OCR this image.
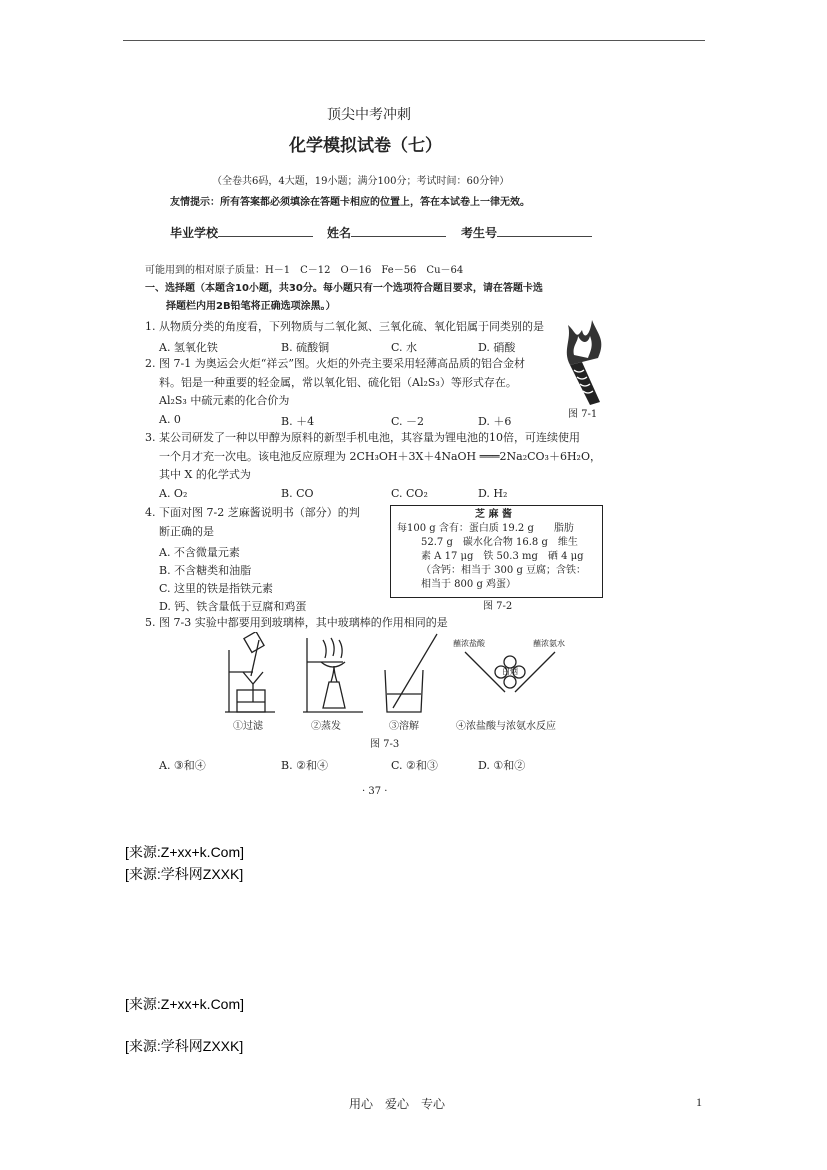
顶尖中考冲刺
化学模拟试卷（七）
（全卷共6码，4大题，19小题；满分100分；考试时间：60分钟）
友情提示：所有答案都必须填涂在答题卡相应的位置上，答在本试卷上一律无效。
毕业学校	姓名	考生号
可能用到的相对原子质量：H－1　C－12　O－16　Fe－56　Cu－64
一、选择题（本题含10小题，共30分。每小题只有一个选项符合题目要求，请在答题卡选
择题栏内用2B铅笔将正确选项涂黑。）
1. 从物质分类的角度看，下列物质与二氧化氮、三氧化硫、氧化铝属于同类别的是
A. 氢氧化铁	B. 硫酸铜	C. 水	D. 硝酸
2. 图 7-1 为奥运会火炬“祥云”图。火炬的外壳主要采用轻薄高品质的铝合金材
料。铝是一种重要的轻金属，常以氧化铝、硫化铝（Al₂S₃）等形式存在。
Al₂S₃ 中硫元素的化合价为
A. 0	B. ＋4	C. －2	D. ＋6
图 7-1
3. 某公司研发了一种以甲醇为原料的新型手机电池，其容量为锂电池的10倍，可连续使用
一个月才充一次电。该电池反应原理为 2CH₃OH＋3X＋4NaOH ═══2Na₂CO₃＋6H₂O，
其中 X 的化学式为
A. O₂	B. CO	C. CO₂	D. H₂
4. 下面对图 7-2 芝麻酱说明书（部分）的判
断正确的是
A. 不含微量元素
B. 不含糖类和油脂
C. 这里的铁是指铁元素
D. 钙、铁含量低于豆腐和鸡蛋
芝 麻 酱
每100 g 含有：蛋白质 19.2 g　　脂肪
52.7 g　碳水化合物 16.8 g　维生
素 A 17 μg　铁 50.3 mg　硒 4 μg
（含钙：相当于 300 g 豆腐；含铁：
相当于 800 g 鸡蛋）
图 7-2
5. 图 7-3 实验中都要用到玻璃棒，其中玻璃棒的作用相同的是
蘸浓盐酸
白烟
蘸浓氨水
①过滤	②蒸发	③溶解	④浓盐酸与浓氨水反应
图 7-3
A. ③和④	B. ②和④	C. ②和③	D. ①和②
· 37 ·
[来源:Z+xx+k.Com]
[来源:学科网ZXXK]
[来源:Z+xx+k.Com]
[来源:学科网ZXXK]
用心　爱心　专心	1
